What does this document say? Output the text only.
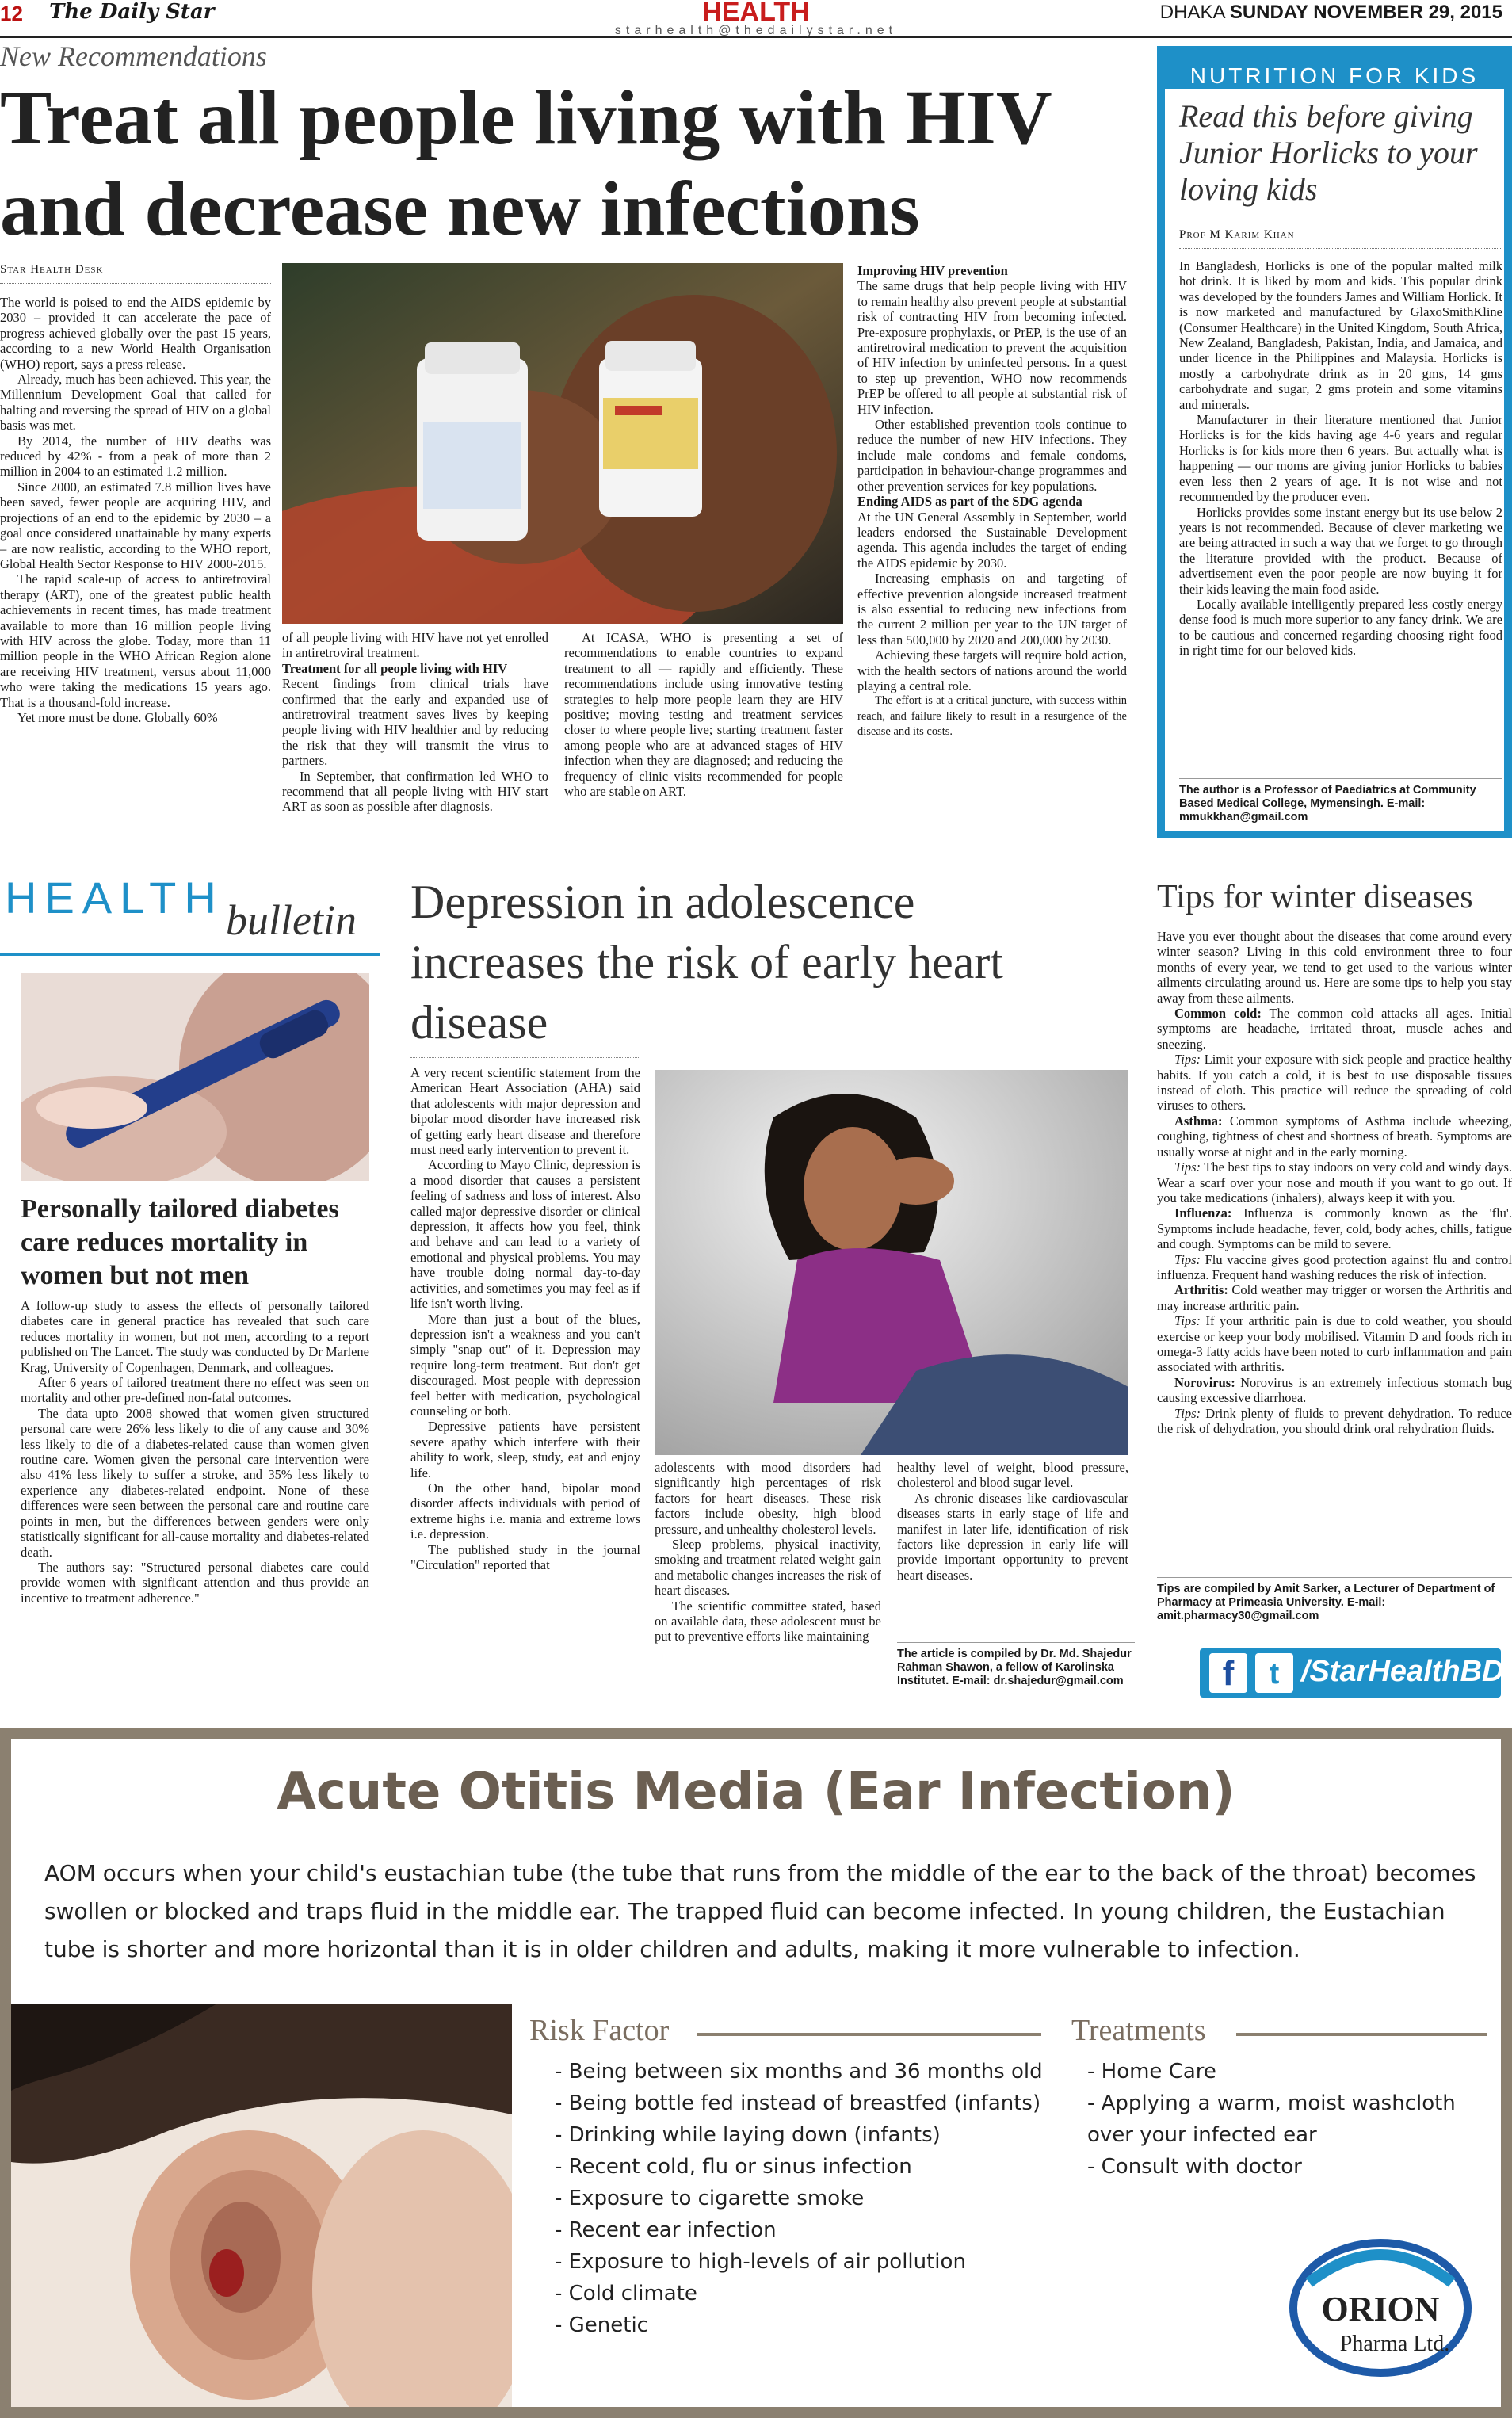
12 The Daily Star	HEALTH
starhealth@thedailystar.net
DHAKA SUNDAY NOVEMBER 29, 2015
New Recommendations
Treat all people living with HIV and decrease new infections
Star Health Desk

The world is poised to end the AIDS epidemic by 2030 – provided it can accelerate the pace of progress achieved globally over the past 15 years, according to a new World Health Organisation (WHO) report, says a press release.

Already, much has been achieved. This year, the Millennium Development Goal that called for halting and reversing the spread of HIV on a global basis was met.

By 2014, the number of HIV deaths was reduced by 42% - from a peak of more than 2 million in 2004 to an estimated 1.2 million.

Since 2000, an estimated 7.8 million lives have been saved, fewer people are acquiring HIV, and projections of an end to the epidemic by 2030 – a goal once considered unattainable by many experts – are now realistic, according to the WHO report, Global Health Sector Response to HIV 2000-2015.

The rapid scale-up of access to antiretroviral therapy (ART), one of the greatest public health achievements in recent times, has made treatment available to more than 16 million people living with HIV across the globe. Today, more than 11 million people in the WHO African Region alone are receiving HIV treatment, versus about 11,000 who were taking the medications 15 years ago. That is a thousand-fold increase.

Yet more must be done. Globally 60%

of all people living with HIV have not yet enrolled in antiretroviral treatment.

Treatment for all people living with HIV

Recent findings from clinical trials have confirmed that the early and expanded use of antiretroviral treatment saves lives by keeping people living with HIV healthier and by reducing the risk that they will transmit the virus to partners.

In September, that confirmation led WHO to recommend that all people living with HIV start ART as soon as possible after diagnosis.

At ICASA, WHO is presenting a set of recommendations to enable countries to expand treatment to all — rapidly and efficiently. These recommendations include using innovative testing strategies to help more people learn they are HIV positive; moving testing and treatment services closer to where people live; starting treatment faster among people who are at advanced stages of HIV infection when they are diagnosed; and reducing the frequency of clinic visits recommended for people who are stable on ART.

Improving HIV prevention

The same drugs that help people living with HIV to remain healthy also prevent people at substantial risk of contracting HIV from becoming infected. Pre-exposure prophylaxis, or PrEP, is the use of an antiretroviral medication to prevent the acquisition of HIV infection by uninfected persons. In a quest to step up prevention, WHO now recommends PrEP be offered to all people at substantial risk of HIV infection.

Other established prevention tools continue to reduce the number of new HIV infections. They include male condoms and female condoms, participation in behaviour-change programmes and other prevention services for key populations.

Ending AIDS as part of the SDG agenda

At the UN General Assembly in September, world leaders endorsed the Sustainable Development agenda. This agenda includes the target of ending the AIDS epidemic by 2030.

Increasing emphasis on and targeting of effective prevention alongside increased treatment is also essential to reducing new infections from the current 2 million per year to the UN target of less than 500,000 by 2020 and 200,000 by 2030.

Achieving these targets will require bold action, with the health sectors of nations around the world playing a central role.

The effort is at a critical juncture, with success within reach, and failure likely to result in a resurgence of the disease and its costs.

NUTRITION FOR KIDS
Read this before giving Junior Horlicks to your loving kids
Prof M Karim Khan

In Bangladesh, Horlicks is one of the popular malted milk hot drink. It is liked by mom and kids. This popular drink was developed by the founders James and William Horlick. It is now marketed and manufactured by GlaxoSmithKline (Consumer Healthcare) in the United Kingdom, South Africa, New Zealand, Bangladesh, Pakistan, India, and Jamaica, and under licence in the Philippines and Malaysia. Horlicks is mostly a carbohydrate drink as in 20 gms, 14 gms carbohydrate and sugar, 2 gms protein and some vitamins and minerals.

Manufacturer in their literature mentioned that Junior Horlicks is for the kids having age 4-6 years and regular Horlicks is for kids more then 6 years. But actually what is happening — our moms are giving junior Horlicks to babies even less then 2 years of age. It is not wise and not recommended by the producer even.

Horlicks provides some instant energy but its use below 2 years is not recommended. Because of clever marketing we are being attracted in such a way that we forget to go through the literature provided with the product. Because of advertisement even the poor people are now buying it for their kids leaving the main food aside.

Locally available intelligently prepared less costly energy dense food is much more superior to any fancy drink. We are to be cautious and concerned regarding choosing right food in right time for our beloved kids.

The author is a Professor of Paediatrics at Community Based Medical College, Mymensingh. E-mail: mmukkhan@gmail.com
HEALTH bulletin
Personally tailored diabetes care reduces mortality in women but not men

A follow-up study to assess the effects of personally tailored diabetes care in general practice has revealed that such care reduces mortality in women, but not men, according to a report published on The Lancet. The study was conducted by Dr Marlene Krag, University of Copenhagen, Denmark, and colleagues.

After 6 years of tailored treatment there no effect was seen on mortality and other pre-defined non-fatal outcomes.

The data upto 2008 showed that women given structured personal care were 26% less likely to die of any cause and 30% less likely to die of a diabetes-related cause than women given routine care. Women given the personal care intervention were also 41% less likely to suffer a stroke, and 35% less likely to experience any diabetes-related endpoint. None of these differences were seen between the personal care and routine care points in men, but the differences between genders were only statistically significant for all-cause mortality and diabetes-related death.

The authors say: "Structured personal diabetes care could provide women with significant attention and thus provide an incentive to treatment adherence."

Depression in adolescence increases the risk of early heart disease

A very recent scientific statement from the American Heart Association (AHA) said that adolescents with major depression and bipolar mood disorder have increased risk of getting early heart disease and therefore must need early intervention to prevent it.

According to Mayo Clinic, depression is a mood disorder that causes a persistent feeling of sadness and loss of interest. Also called major depressive disorder or clinical depression, it affects how you feel, think and behave and can lead to a variety of emotional and physical problems. You may have trouble doing normal day-to-day activities, and sometimes you may feel as if life isn't worth living.

More than just a bout of the blues, depression isn't a weakness and you can't simply "snap out" of it. Depression may require long-term treatment. But don't get discouraged. Most people with depression feel better with medication, psychological counseling or both.

Depressive patients have persistent severe apathy which interfere with their ability to work, sleep, study, eat and enjoy life.

On the other hand, bipolar mood disorder affects individuals with period of extreme highs i.e. mania and extreme lows i.e. depression.

The published study in the journal "Circulation" reported that

adolescents with mood disorders had significantly high percentages of risk factors for heart diseases. These risk factors include obesity, high blood pressure, and unhealthy cholesterol levels.

Sleep problems, physical inactivity, smoking and treatment related weight gain and metabolic changes increases the risk of heart diseases.

The scientific committee stated, based on available data, these adolescent must be put to preventive efforts like maintaining

healthy level of weight, blood pressure, cholesterol and blood sugar level.

As chronic diseases like cardiovascular diseases starts in early stage of life and manifest in later life, identification of risk factors like depression in early life will provide important opportunity to prevent heart diseases.

The article is compiled by Dr. Md. Shajedur Rahman Shawon, a fellow of Karolinska Institutet. E-mail: dr.shajedur@gmail.com
Tips for winter diseases

Have you ever thought about the diseases that come around every winter season? Living in this cold environment three to four months of every year, we tend to get used to the various winter ailments circulating around us. Here are some tips to help you stay away from these ailments.

Common cold: The common cold attacks all ages. Initial symptoms are headache, irritated throat, muscle aches and sneezing.

Tips: Limit your exposure with sick people and practice healthy habits. If you catch a cold, it is best to use disposable tissues instead of cloth. This practice will reduce the spreading of cold viruses to others.

Asthma: Common symptoms of Asthma include wheezing, coughing, tightness of chest and shortness of breath. Symptoms are usually worse at night and in the early morning.

Tips: The best tips to stay indoors on very cold and windy days. Wear a scarf over your nose and mouth if you want to go out. If you take medications (inhalers), always keep it with you.

Influenza: Influenza is commonly known as the 'flu'. Symptoms include headache, fever, cold, body aches, chills, fatigue and cough. Symptoms can be mild to severe.

Tips: Flu vaccine gives good protection against flu and control influenza. Frequent hand washing reduces the risk of infection.

Arthritis: Cold weather may trigger or worsen the Arthritis and may increase arthritic pain.

Tips: If your arthritic pain is due to cold weather, you should exercise or keep your body mobilised. Vitamin D and foods rich in omega-3 fatty acids have been noted to curb inflammation and pain associated with arthritis.

Norovirus: Norovirus is an extremely infectious stomach bug causing excessive diarrhoea.

Tips: Drink plenty of fluids to prevent dehydration. To reduce the risk of dehydration, you should drink oral rehydration fluids.

Tips are compiled by Amit Sarker, a Lecturer of Department of Pharmacy at Primeasia University. E-mail: amit.pharmacy30@gmail.com
f	t /StarHealthBD
Acute Otitis Media (Ear Infection)
AOM occurs when your child's eustachian tube (the tube that runs from the middle of the ear to the back of the throat) becomes swollen or blocked and traps fluid in the middle ear. The trapped fluid can become infected. In young children, the Eustachian tube is shorter and more horizontal than it is in older children and adults, making it more vulnerable to infection.
Risk Factor
- Being between six months and 36 months old
- Being bottle fed instead of breastfed (infants)
- Drinking while laying down (infants)
- Recent cold, flu or sinus infection
- Exposure to cigarette smoke
- Recent ear infection
- Exposure to high-levels of air pollution
- Cold climate
- Genetic
Treatments
- Home Care
- Applying a warm, moist washcloth over your infected ear
- Consult with doctor
ORION
Pharma Ltd.
